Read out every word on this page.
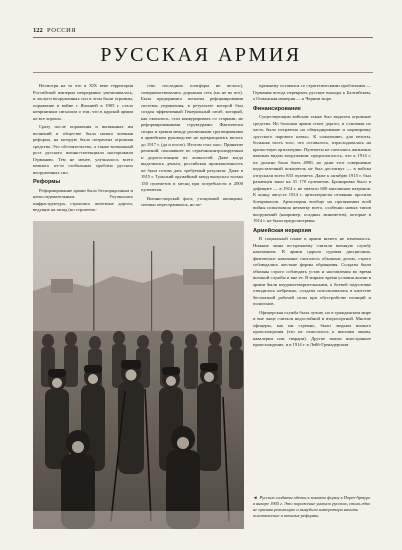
122 РОССИЯ
РУССКАЯ АРМИЯ

Несмотря на то что в XIX веке территория Российской империи непрерывно увеличивалась, и заслуги вооруженных сил в этом были огромны, поражение в войне с Японией в 1905 г. стало неприятным сигналом о том, что в царской армии не все хорошо.

Сразу после поражения и вызванных им волнений в обществе была начата военная реформа, на которую была потрачена огромная средства. Это обстоятельство, а также возможный рост русского военно-потенциала насторожили Германию. Тем не менее, улучшалось всего немного из-за глобальных проблем русских вооруженных сил.

Реформы

Реформирование армии было беспорядочным и непоследовательным. Улучшалась инфраструктура, строились железные дороги, ведущие на запад (но строитель-

ство последних платформ не велось), совершенствовались дорожная сеть (но не во все). Была предпринята попытка реформирования системы управления, в результате которой был создан эффективный Генеральный штаб, который, как оказалось, стал конкурировать со старыми, не реформированными структурами. Фактически споры и трения между различными группировками в армейском руководстве не прекращались вплоть до 1917 г. (да и после). Итогом стал хаос. Принятие решений, пошаявшее по серьёзноконтролируемым и дорогостоящим их личностей. Даже когда выделялись деньги, российская промышленность не была готова дать требуемый результат. Даже в 1915 г. Тульский оружейный завод выпускал только 150 пулеметов в месяц при потребности в 2000 пулеметов.

Военно-морской флот, утонувший японцами, спешно перестраивался, но по-

прежнему оставался со стратегическими проблемами — Германия всегда перекрыть русские выходы к Балтийском, а Османская империя — к Черном море.

Финансирование

Существующим войскам также был выделен огромные средства. Но большая армия стоит дорого, и основная их часть была потрачена на обмундирование и нормировку «русского парового катка». К сожалению, для пехоты, большая часть того, что оставалось, израсходовалась на крепостную артиллерию. Пулеметы не считались жизненно важным видом вооружения: предполагалось, что к 1914 г. их должно было быть 4990, но даже этот совершенно недостаточный показатель не был достигнут — в войска отпускали всего 833 пулемета. Даже к октябрю 1915 г. был размещен заказ на 31 170 пулеметов. Бронировка было в дефиците — в 1914 г. не хватало 600 миллионов патронов. К концу августа 1914 г. артиллеристы отчаянно просили боеприпасов. Артиллерия вообще на протяжении всей войны испытывала нехватку всего, особенно новых типов вооружений (например, осадных минометов), которые в 1914 г. не были предусмотрены.

Армейская иерархия

В социальной плане в армии ничего не изменилось. Нижние чины по-прежнему считали военную службу наказанием. В армии царила суровая дисциплина, физическое наказание считалось обычным делом, строго соблюдались жесткие формы обращения. Солдаты были обязаны строго соблюдать устав и наставления во время военной службы и вне ее. В мирное время условия жизни в армии были неудовлетворительными, а боевой подготовке отводилось небрежно, солдаты использовались в качестве бесплатной рабочей силы при обустройстве позиций и полигонов.

Офицерская служба была лучше, но в гражданском мире и вне чаще считали недостойной и второсортной. Многие офицеры, как им стремно, были людьми низкого происхождения (это не относилось к высшим чинам, кавалерии или гвардии). Другие имели иностранное происхождение, и в 1914 г. в Лейб-Гренадерском

◄ Русские солдаты одеты в зимнюю форму в Порт-Артуре в январе 1905 г. Это поражение унизило русских, столь едва не призвав революцию и вынудила императора начать политические и военные реформы.
